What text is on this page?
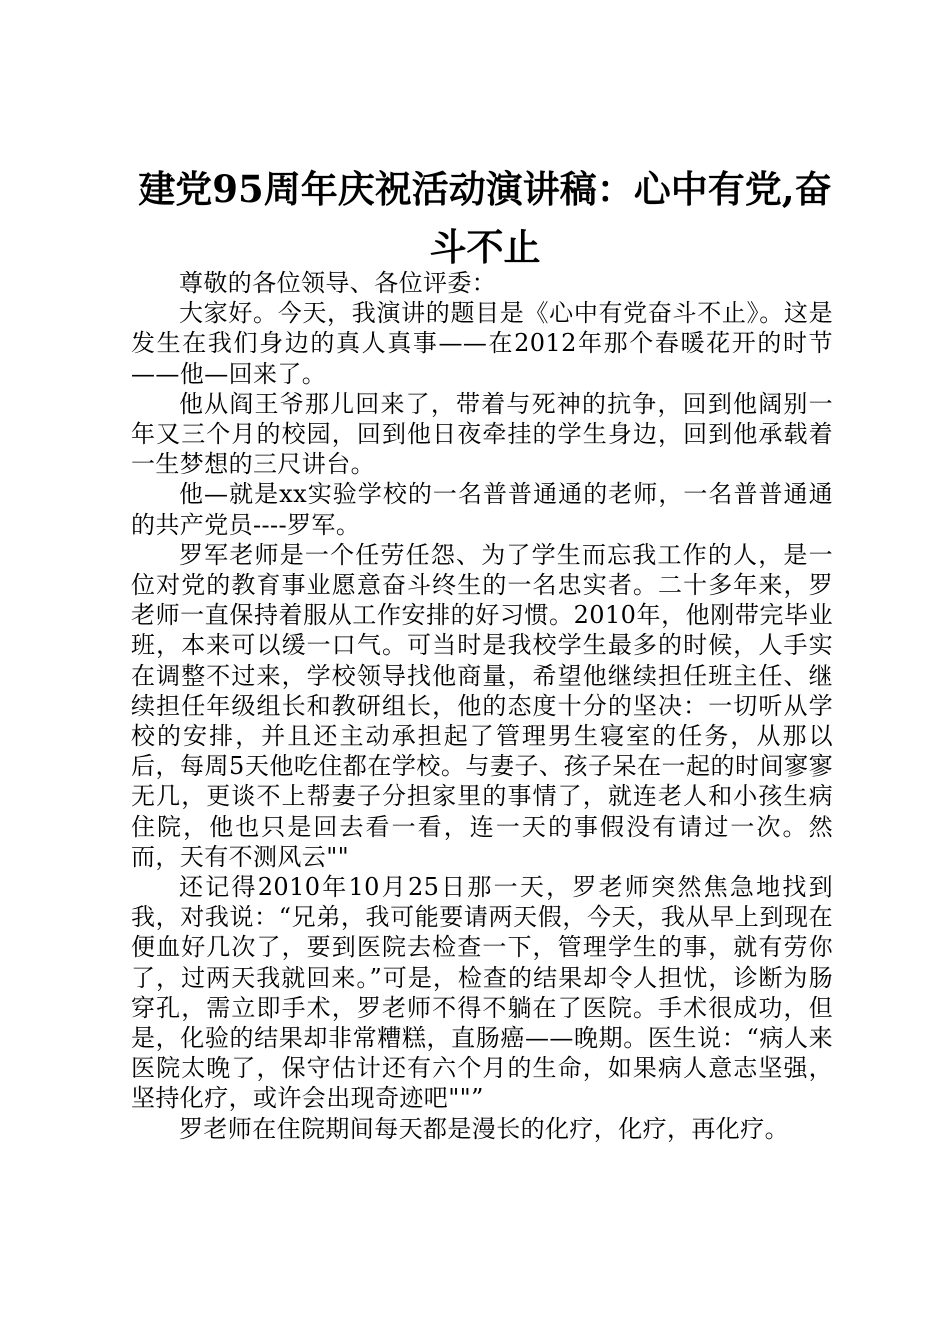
建党95周年庆祝活动演讲稿：心中有党,奋斗不止

尊敬的各位领导、各位评委：

大家好。今天，我演讲的题目是《心中有党奋斗不止》。这是发生在我们身边的真人真事——在2012年那个春暖花开的时节——他—回来了。

他从阎王爷那儿回来了，带着与死神的抗争，回到他阔别一年又三个月的校园，回到他日夜牵挂的学生身边，回到他承载着一生梦想的三尺讲台。

他—就是xx实验学校的一名普普通通的老师，一名普普通通的共产党员----罗军。

罗军老师是一个任劳任怨、为了学生而忘我工作的人，是一位对党的教育事业愿意奋斗终生的一名忠实者。二十多年来，罗老师一直保持着服从工作安排的好习惯。2010年，他刚带完毕业班，本来可以缓一口气。可当时是我校学生最多的时候，人手实在调整不过来，学校领导找他商量，希望他继续担任班主任、继续担任年级组长和教研组长，他的态度十分的坚决：一切听从学校的安排，并且还主动承担起了管理男生寝室的任务，从那以后，每周5天他吃住都在学校。与妻子、孩子呆在一起的时间寥寥无几，更谈不上帮妻子分担家里的事情了，就连老人和小孩生病住院，他也只是回去看一看，连一天的事假没有请过一次。然而，天有不测风云""

还记得2010年10月25日那一天，罗老师突然焦急地找到我，对我说：“兄弟，我可能要请两天假，今天，我从早上到现在便血好几次了，要到医院去检查一下，管理学生的事，就有劳你了，过两天我就回来。”可是，检查的结果却令人担忧，诊断为肠穿孔，需立即手术，罗老师不得不躺在了医院。手术很成功，但是，化验的结果却非常糟糕，直肠癌——晚期。医生说：“病人来医院太晚了，保守估计还有六个月的生命，如果病人意志坚强，坚持化疗，或许会出现奇迹吧""”

罗老师在住院期间每天都是漫长的化疗，化疗，再化疗。
